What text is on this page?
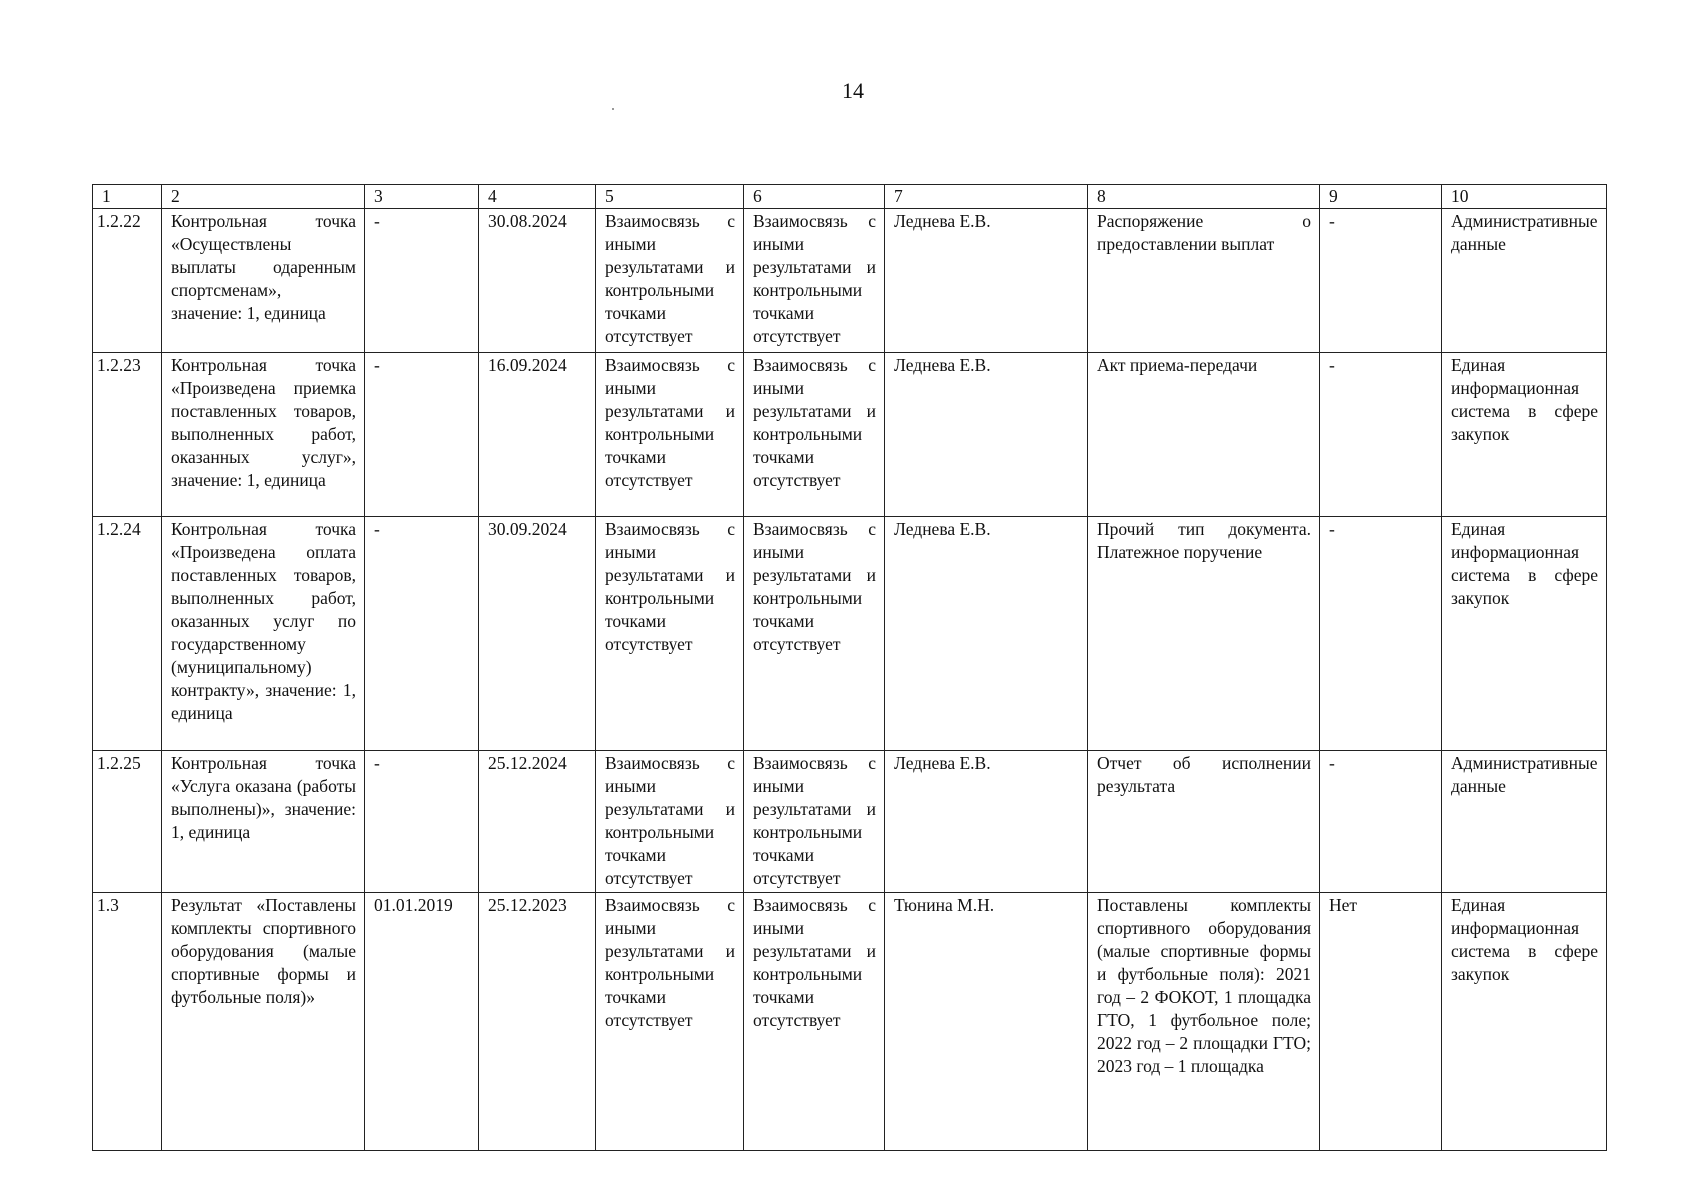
14
1	2	3	4	5	6	7	8	9	10
1.2.22	Контрольная точка «Осуществлены выплаты одаренным спортсменам», значение: 1, единица	-	30.08.2024	Взаимосвязь с иными результатами и контрольными точками отсутствует	Взаимосвязь с иными результатами и контрольными точками отсутствует	Леднева Е.В.	Распоряжение о предоставлении выплат	-	Административные данные
1.2.23	Контрольная точка «Произведена приемка поставленных товаров, выполненных работ, оказанных услуг», значение: 1, единица	-	16.09.2024	Взаимосвязь с иными результатами и контрольными точками отсутствует	Взаимосвязь с иными результатами и контрольными точками отсутствует	Леднева Е.В.	Акт приема-передачи	-	Единая информационная система в сфере закупок
1.2.24	Контрольная точка «Произведена оплата поставленных товаров, выполненных работ, оказанных услуг по государственному (муниципальному) контракту», значение: 1, единица	-	30.09.2024	Взаимосвязь с иными результатами и контрольными точками отсутствует	Взаимосвязь с иными результатами и контрольными точками отсутствует	Леднева Е.В.	Прочий тип документа. Платежное поручение	-	Единая информационная система в сфере закупок
1.2.25	Контрольная точка «Услуга оказана (работы выполнены)», значение: 1, единица	-	25.12.2024	Взаимосвязь с иными результатами и контрольными точками отсутствует	Взаимосвязь с иными результатами и контрольными точками отсутствует	Леднева Е.В.	Отчет об исполнении результата	-	Административные данные
1.3	Результат «Поставлены комплекты спортивного оборудования (малые спортивные формы и футбольные поля)»	01.01.2019	25.12.2023	Взаимосвязь с иными результатами и контрольными точками отсутствует	Взаимосвязь с иными результатами и контрольными точками отсутствует	Тюнина М.Н.	Поставлены комплекты спортивного оборудования (малые спортивные формы и футбольные поля): 2021 год – 2 ФОКОТ, 1 площадка ГТО, 1 футбольное поле; 2022 год – 2 площадки ГТО; 2023 год – 1 площадка	Нет	Единая информационная система в сфере закупок
